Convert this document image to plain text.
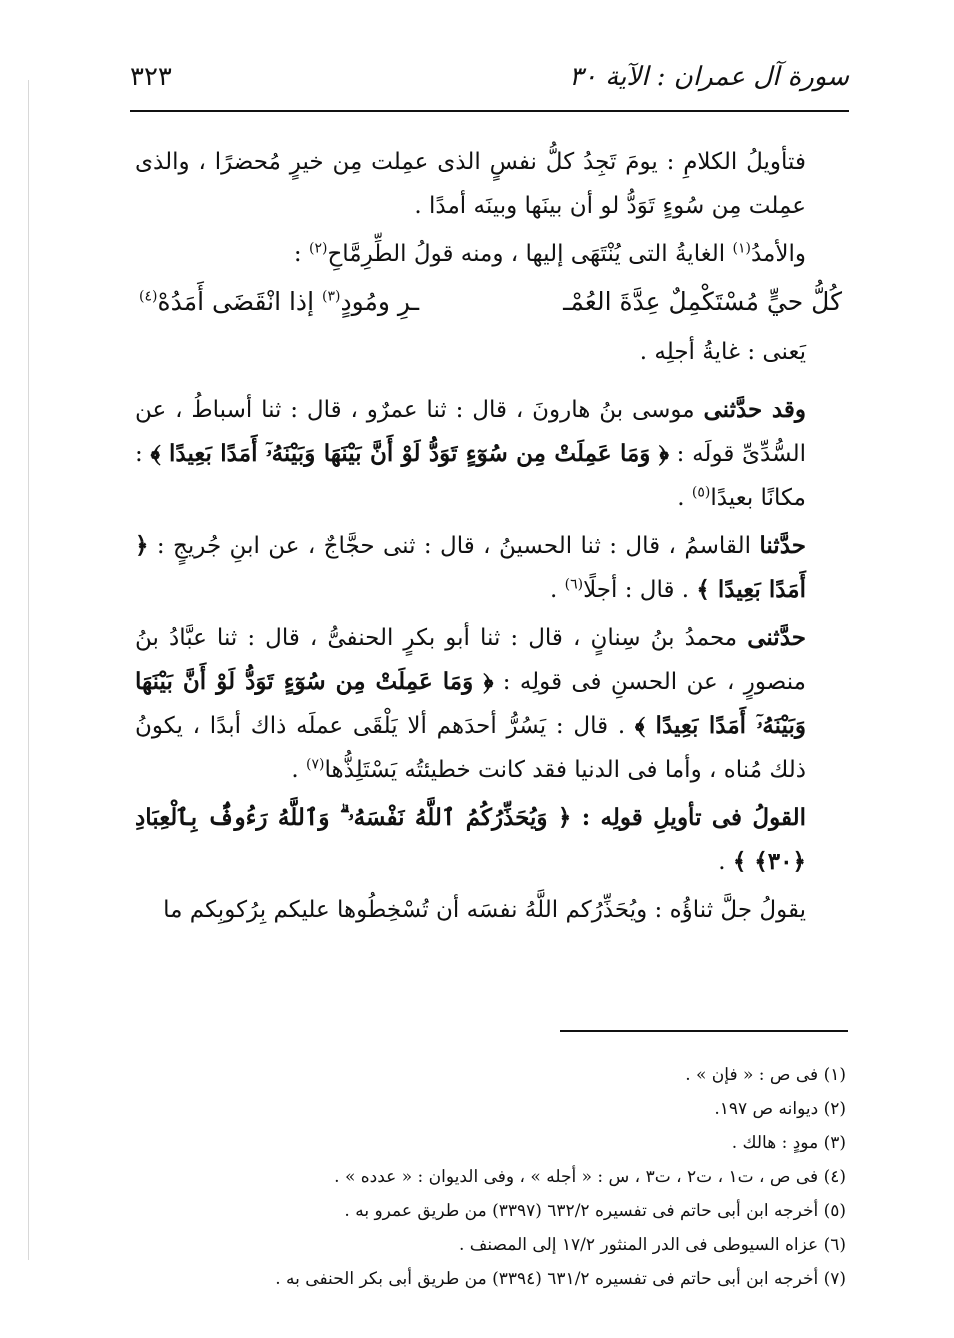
سورة آل عمران : الآية ٣٠
٣٢٣

فتأويلُ الكلامِ : يومَ تَجِدُ كلُّ نفسٍ الذى عمِلت مِن خيرٍ مُحضرًا ، والذى عمِلت مِن سُوءٍ تَوَدُّ لو أن بينَها وبينَه أمدًا .

والأمدُ$^{(١)}$ الغايةُ التى يُنْتَهَى إليها ، ومنه قولُ الطِّرِمَّاحِ$^{(٢)}$ :

كُلُّ حيٍّ مُسْتَكْمِلٌ عِدَّةَ العُمْـ
ـرِ ومُودٍ$^{(٣)}$ إذا انْقَضَى أَمَدُهْ$^{(٤)}$

يَعنى : غايةُ أجلِه .

وقد حدَّثنى موسى بنُ هارونَ ، قال : ثنا عمرٌو ، قال : ثنا أسباطُ ، عن السُّدِّىِّ قولَه : ﴿ وَمَا عَمِلَتْ مِن سُوٓءٍ تَوَدُّ لَوْ أَنَّ بَيْنَهَا وَبَيْنَهُۥٓ أَمَدًا بَعِيدًا ﴾ : مكانًا بعيدًا$^{(٥)}$ .

حدَّثنا القاسمُ ، قال : ثنا الحسينُ ، قال : ثنى حجَّاجٌ ، عن ابنِ جُريجٍ : ﴿ أَمَدًا بَعِيدًا ﴾ . قال : أجلًا$^{(٦)}$ .

حدَّثنى محمدُ بنُ سِنانٍ ، قال : ثنا أبو بكرٍ الحنفىُّ ، قال : ثنا عبَّادُ بنُ منصورٍ ، عن الحسنِ فى قولِه : ﴿ وَمَا عَمِلَتْ مِن سُوٓءٍ تَوَدُّ لَوْ أَنَّ بَيْنَهَا وَبَيْنَهُۥٓ أَمَدًا بَعِيدًا ﴾ . قال : يَسُرُّ أحدَهم ألا يَلْقَى عملَه ذاك أبدًا ، يكونُ ذلك مُناه ، وأما فى الدنيا فقد كانت خطيئتُه يَسْتَلِذُّها$^{(٧)}$ .

القولُ فى تأويلِ قولِه : ﴿ وَيُحَذِّرُكُمُ ٱللَّهُ نَفْسَهُۥ ۗ وَٱللَّهُ رَءُوفٌۢ بِٱلْعِبَادِ ﴿٣٠﴾ ﴾ .

يقولُ جلَّ ثناؤُه : ويُحَذِّرُكم اللَّهُ نفسَه أن تُسْخِطُوها عليكم بِرُكوبِكم ما

(١) فى ص : « فإن » .
(٢) ديوانه ص ١٩٧.
(٣) مودٍ : هالك .
(٤) فى ص ، ت١ ، ت٢ ، ت٣ ، س : « أجله » ، وفى الديوان : « عدده » .
(٥) أخرجه ابن أبى حاتم فى تفسيره ٦٣٢/٢ (٣٣٩٧) من طريق عمرو به .
(٦) عزاه السيوطى فى الدر المنثور ١٧/٢ إلى المصنف .
(٧) أخرجه ابن أبى حاتم فى تفسيره ٦٣١/٢ (٣٣٩٤) من طريق أبى بكر الحنفى به .
